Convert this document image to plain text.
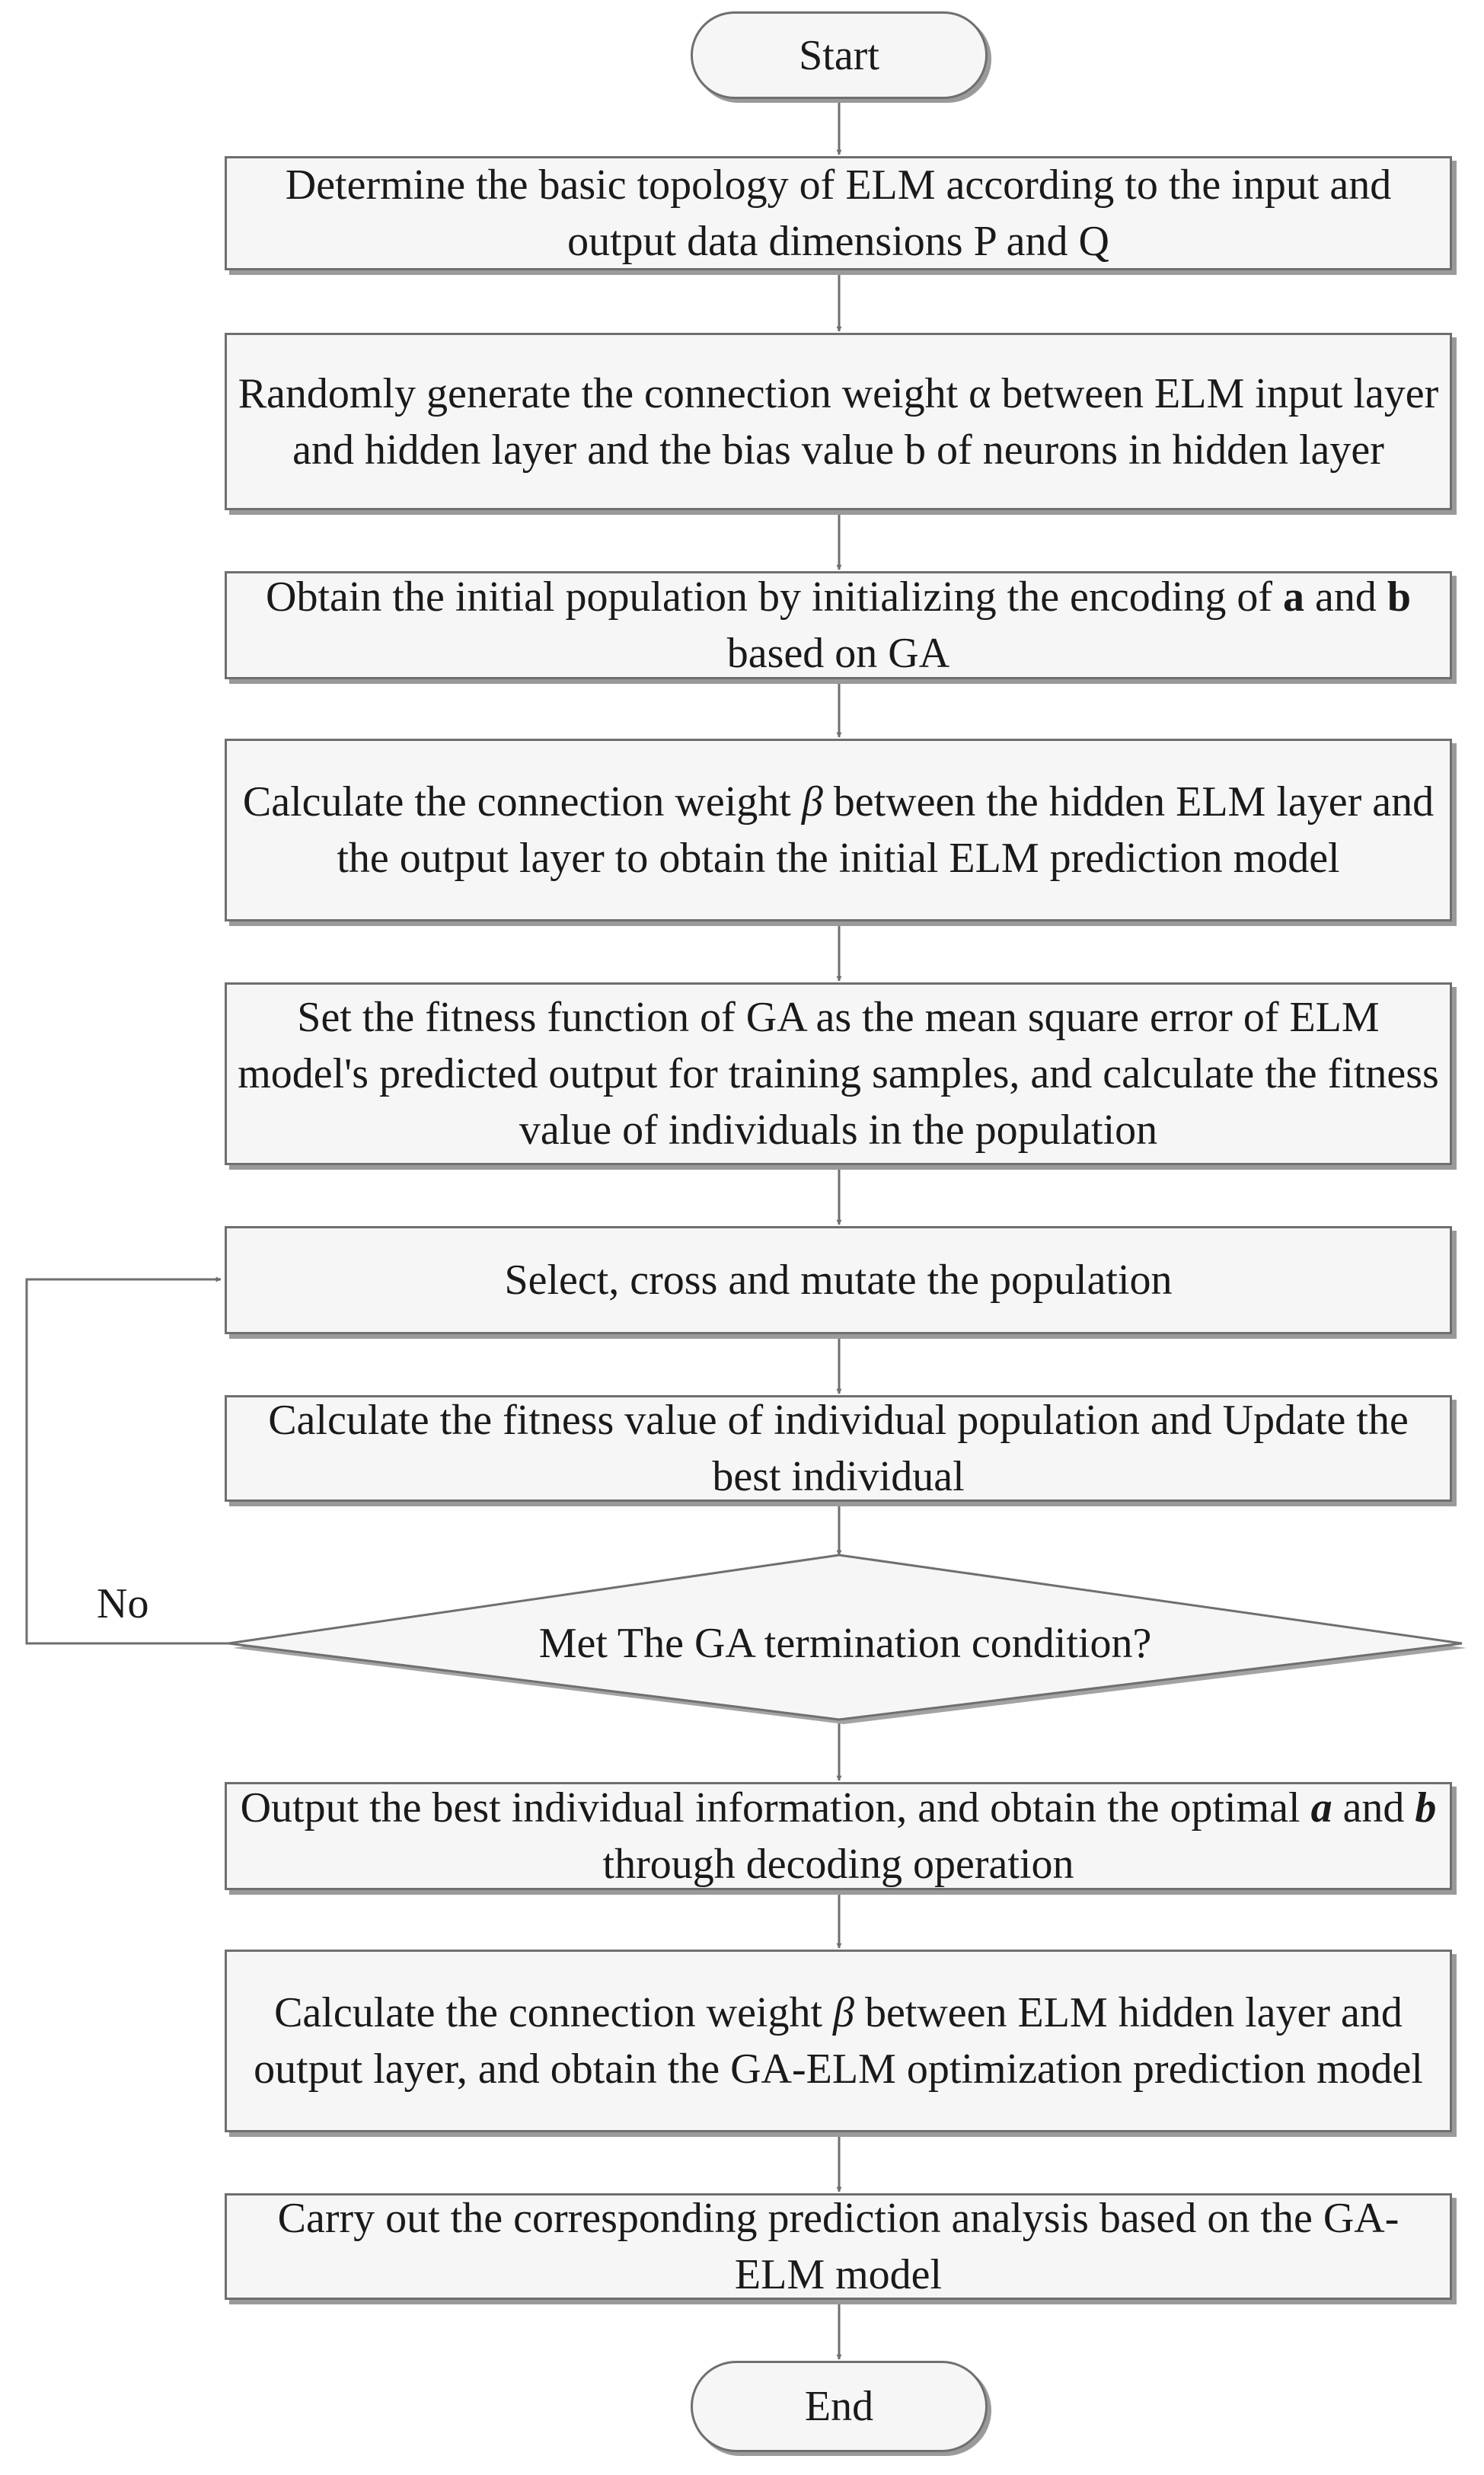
Start
Determine the basic topology of ELM according to the input and output data dimensions P and Q
Randomly generate the connection weight α between ELM input layer and hidden layer and the bias value b of neurons in hidden layer
Obtain the initial population by initializing the encoding of a and b based on GA
Calculate the connection weight β between the hidden ELM layer and the output layer to obtain the initial ELM prediction model
Set the fitness function of GA as the mean square error of ELM model's predicted output for training samples, and calculate the fitness value of individuals in the population
Select, cross and mutate the population
Calculate the fitness value of individual population and Update the best individual
Met The GA termination condition?
No
Output the best individual information, and obtain the optimal a and b through decoding operation
Calculate the connection weight β between ELM hidden layer and output layer, and obtain the GA-ELM optimization prediction model
Carry out the corresponding prediction analysis based on the GA-ELM model
End
